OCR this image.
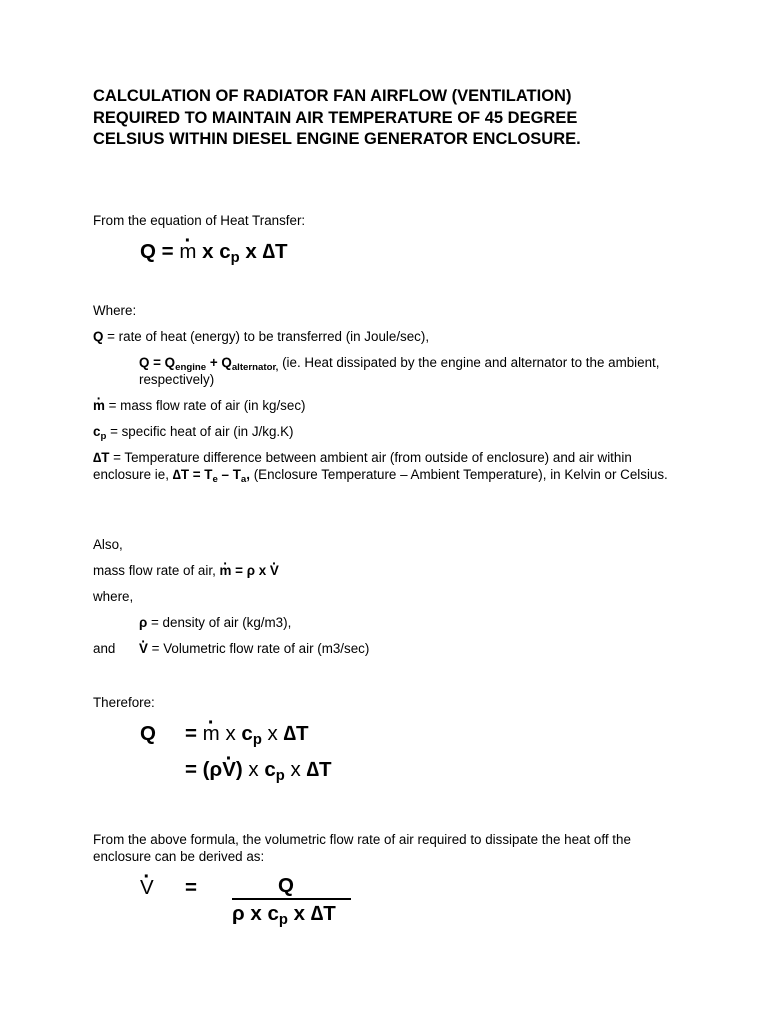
CALCULATION OF RADIATOR FAN AIRFLOW (VENTILATION)
REQUIRED TO MAINTAIN AIR TEMPERATURE OF 45 DEGREE
CELSIUS WITHIN DIESEL ENGINE GENERATOR ENCLOSURE.
From the equation of Heat Transfer:
Q = · m x $c_p$ x ∆T
Where:
Q = rate of heat (energy) to be transferred (in Joule/sec),
$Q = Q_{engine} + Q_{alternator,}$ (ie. Heat dissipated by the engine and alternator to the ambient, respectively)
· m = mass flow rate of air (in kg/sec)
$c_p$ = specific heat of air (in J/kg.K)
∆T = Temperature difference between ambient air (from outside of enclosure) and air within enclosure ie, $\Delta T = T_e - T_a$, (Enclosure Temperature – Ambient Temperature), in Kelvin or Celsius.
Also,
mass flow rate of air, · m = ρ x · V
where,
ρ = density of air (kg/m3),
and · V = Volumetric flow rate of air (m3/sec)
Therefore:
Q = · m x $c_p$ x ∆T
= (ρ· V) x $c_p$ x ∆T
From the above formula, the volumetric flow rate of air required to dissipate the heat off the enclosure can be derived as:
· V =	Q
ρ x $c_p$ x ∆T
